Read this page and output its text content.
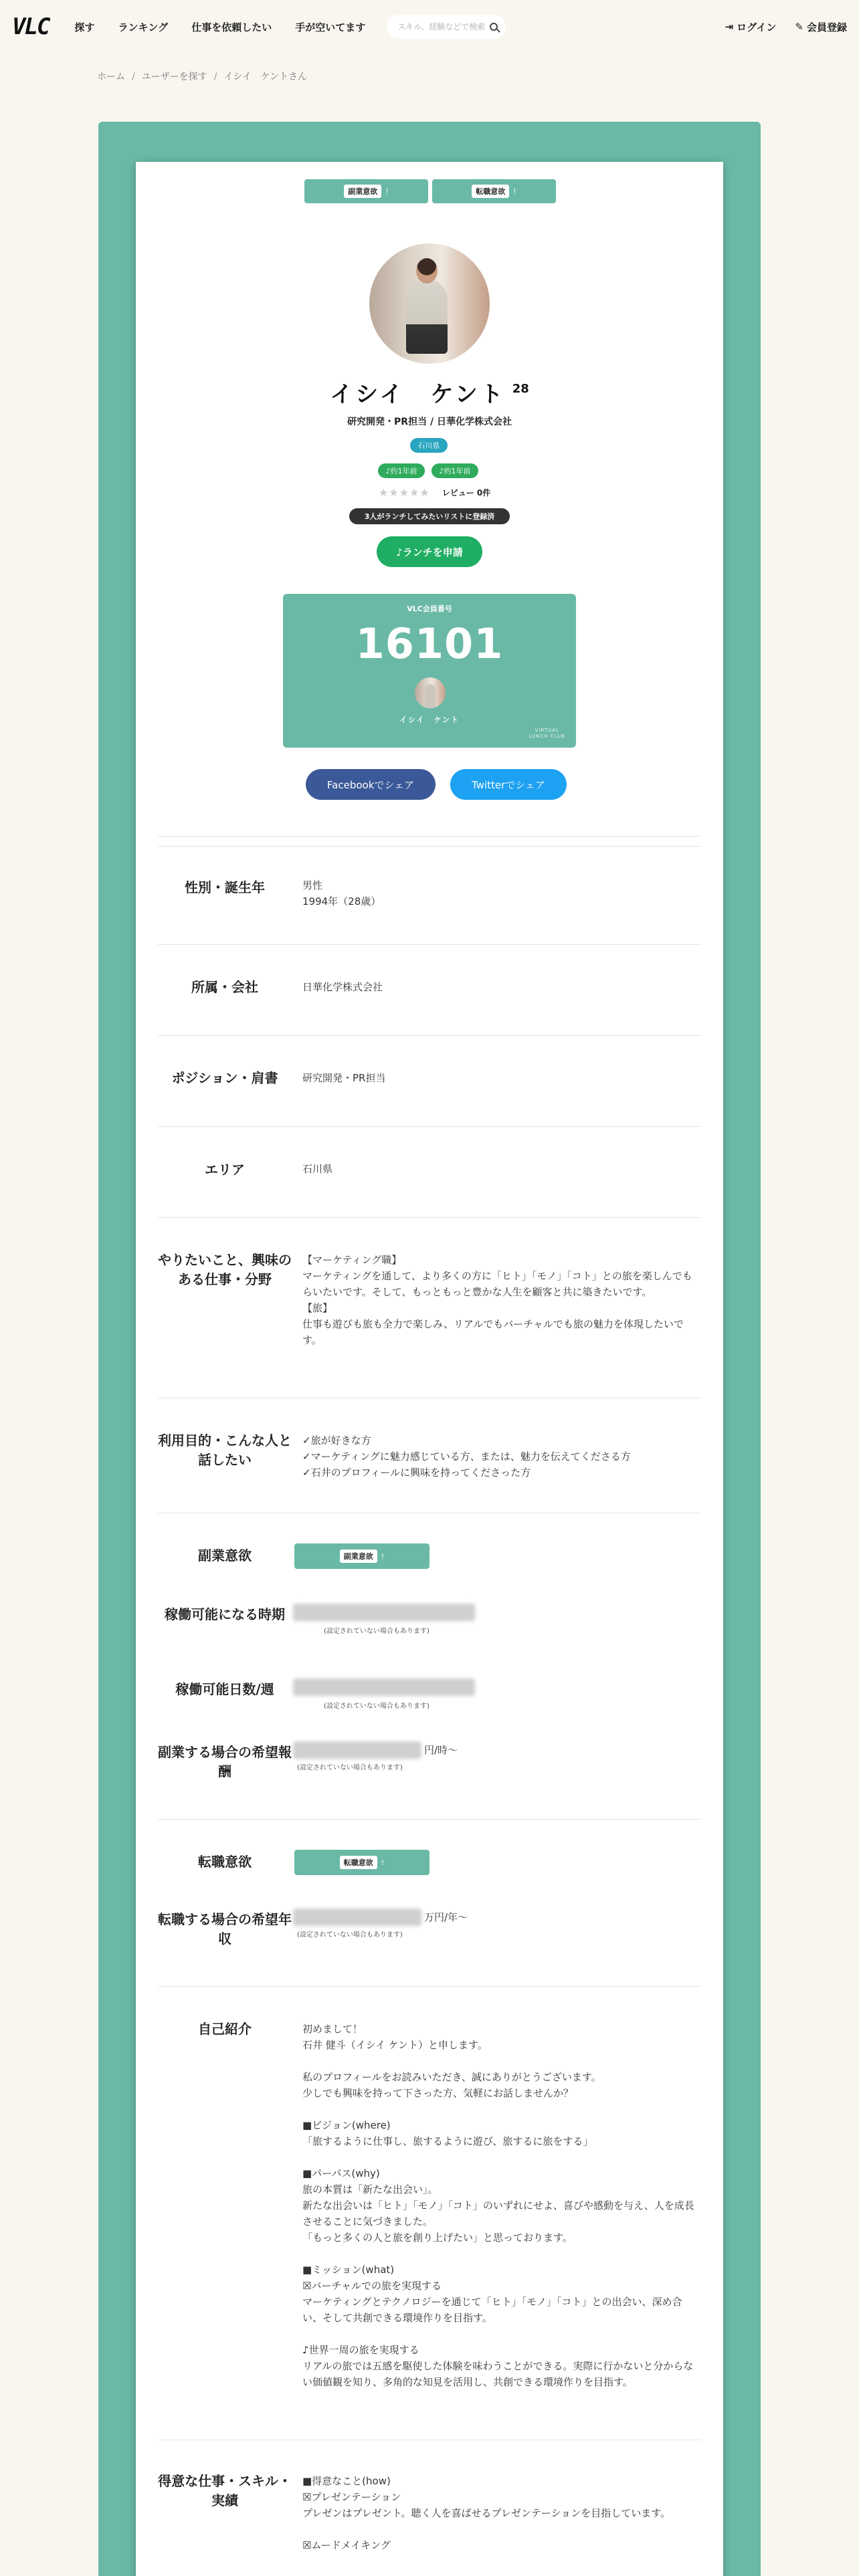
VLC	探す ランキング 仕事を依頼したい 手が空いてます
スキル、経験などで検索...	⇥ ログイン ✎ 会員登録
ホーム / ユーザーを探す / イシイ　ケントさん
副業意欲	!	転職意欲	!
イシイ　ケント $^{28}$
研究開発・PR担当 / 日華化学株式会社
石川県
♪約1年前	♪約1年前
★★★★★ レビュー 0件
3人がランチしてみたいリストに登録済
♪ランチを申請
VLC会員番号
16101
イシイ　ケント
VIRTUAL
LUNCH CLUB
Facebookでシェア	Twitterでシェア
性別・誕生年	男性
1994年（28歳）
所属・会社	日華化学株式会社
ポジション・肩書	研究開発・PR担当
エリア	石川県
やりたいこと、興味のある仕事・分野
【マーケティング職】
マーケティングを通して、より多くの方に「ヒト」「モノ」「コト」との旅を楽しんでもらいたいです。そして、もっともっと豊かな人生を顧客と共に築きたいです。
【旅】
仕事も遊びも旅も全力で楽しみ、リアルでもバーチャルでも旅の魅力を体現したいです。
利用目的・こんな人と話したい
✓旅が好きな方
✓マーケティングに魅力感じている方、または、魅力を伝えてくださる方
✓石井のプロフィールに興味を持ってくださった方
副業意欲	副業意欲	!
稼働可能になる時期
(設定されていない場合もあります)
稼働可能日数/週
(設定されていない場合もあります)
副業する場合の希望報酬
円/時〜
(設定されていない場合もあります)
転職意欲	転職意欲	!
転職する場合の希望年収
万円/年〜
(設定されていない場合もあります)
自己紹介	初めまして！
石井 健斗（イシイ ケント）と申します。

私のプロフィールをお読みいただき、誠にありがとうございます。
少しでも興味を持って下さった方、気軽にお話しませんか？

■ビジョン(where)
「旅するように仕事し、旅するように遊び、旅するに旅をする」

■パーパス(why)
旅の本質は「新たな出会い」。
新たな出会いは「ヒト」「モノ」「コト」のいずれにせよ、喜びや感動を与え、人を成長させることに気づきました。
「もっと多くの人と旅を創り上げたい」と思っております。

■ミッション(what)
☒バーチャルでの旅を実現する
マーケティングとテクノロジーを通じて「ヒト」「モノ」「コト」との出会い、深め合い、そして共創できる環境作りを目指す。

♪世界一周の旅を実現する
リアルの旅では五感を駆使した体験を味わうことができる。実際に行かないと分からない価値観を知り、多角的な知見を活用し、共創できる環境作りを目指す。
得意な仕事・スキル・実績
■得意なこと(how)
☒プレゼンテーション
プレゼンはプレゼント。聴く人を喜ばせるプレゼンテーションを目指しています。

☒ムードメイキング
